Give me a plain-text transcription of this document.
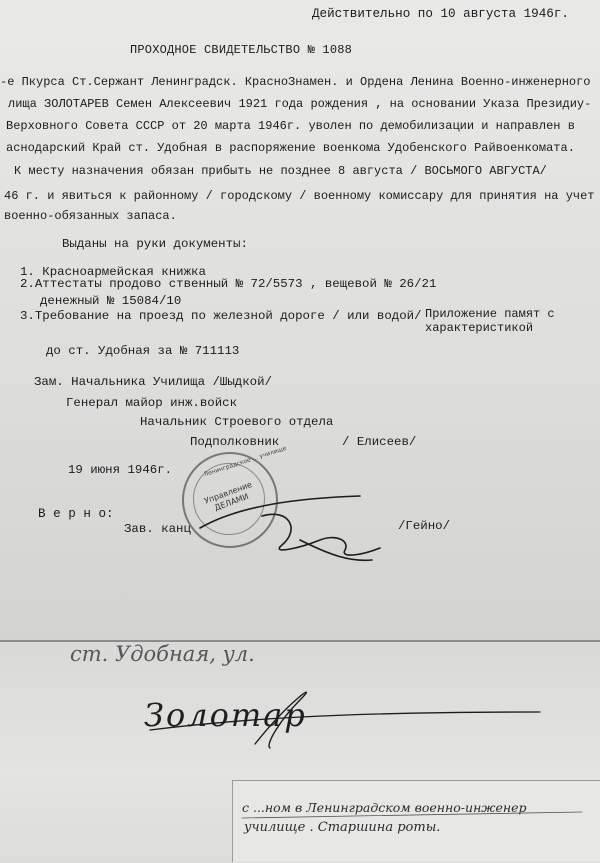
Действительно по 10 августа 1946г.
ПРОХОДНОЕ СВИДЕТЕЛЬСТВО № 1088
-е Пкурса Ст.Сержант Ленинградск. КраснoЗнамен. и Ордена Ленина Военно-инженерного
лища ЗОЛОТАРЕВ Семен Алексеевич 1921 года рождения , на основании Указа Президиу-
Верховного Совета СССР от 20 марта 1946г. уволен по демобилизации и направлен в
аснодарский Край ст. Удобная в распоряжение военкома Удобенского Райвоенкомата.
К месту назначения обязан прибыть не позднее 8 августа / ВОСЬМОГО АВГУСТА/
46 г. и явиться к районному / городскому / военному комиссару для принятия на учет
военно-обязанных запаса.
Выданы на руки документы:
1. Красноармейская книжка
2.Аттестаты продово ственный № 72/5573 , вещевой № 26/21
денежный № 15084/10
3.Требование на проезд по железной дороге / или водой/ Приложение памят с
характеристикой
до ст. Удобная за № 711113
Зам. Начальника Училища /Шыдкой/
Генерал майор инж.войск
Начальник Строевого отдела
Подполковник	/ Елисеев/
19 июня 1946г.
В е р н о:
Зав. канц	/Гейно/
Управление ДЕЛАМИ
Ленинградское ... училище
ст. Удобная, ул.
Золотар
с ...ном в Ленинградском военно-инженер
училище . Старшина роты.
